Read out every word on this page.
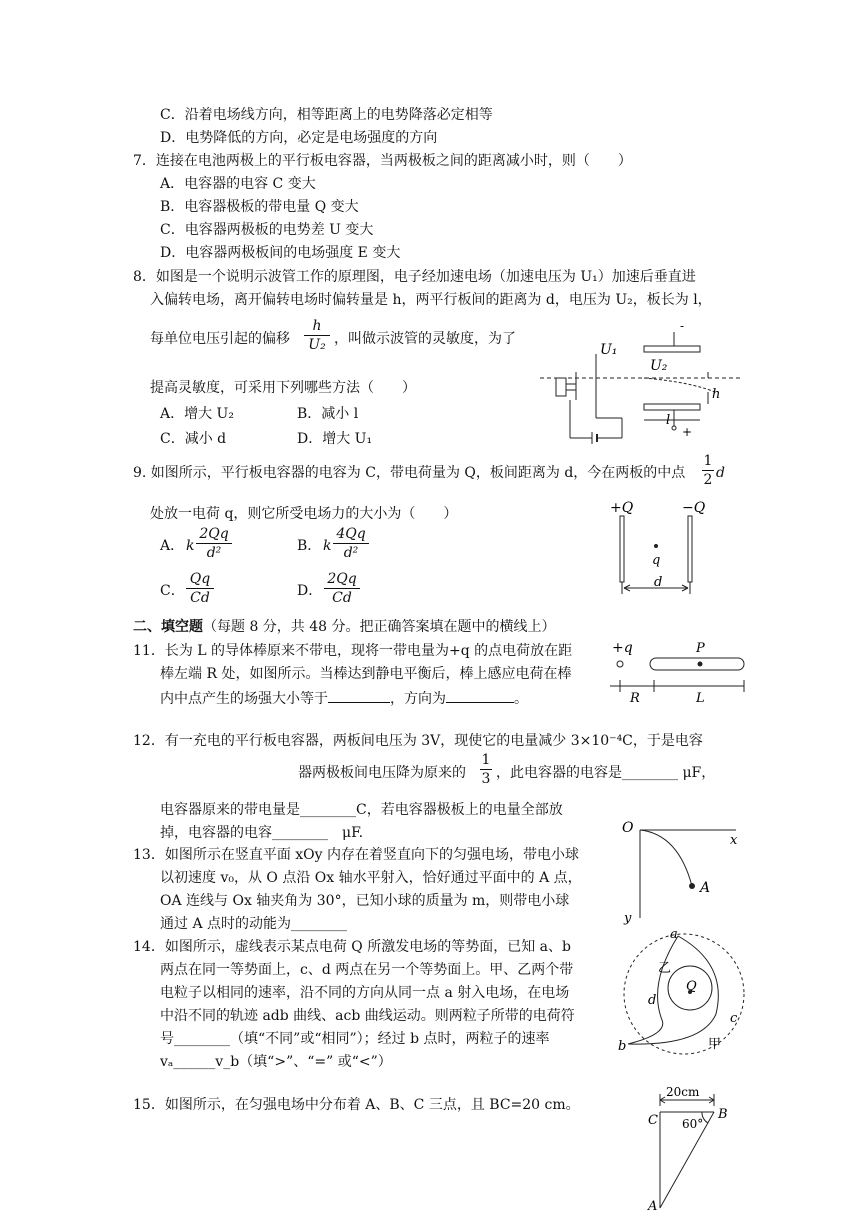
C．沿着电场线方向，相等距离上的电势降落必定相等
D．电势降低的方向，必定是电场强度的方向
7．连接在电池两极上的平行板电容器，当两极板之间的距离减小时，则（　　）
A．电容器的电容 C 变大
B．电容器极板的带电量 Q 变大
C．电容器两极板的电势差 U 变大
D．电容器两极板间的电场强度 E 变大
8．如图是一个说明示波管工作的原理图，电子经加速电场（加速电压为 U₁）加速后垂直进
入偏转电场，离开偏转电场时偏转量是 h，两平行板间的距离为 d，电压为 U₂，板长为 l，
每单位电压引起的偏移
h
U₂ ，叫做示波管的灵敏度，为了
提高灵敏度，可采用下列哪些方法（　　）
A．增大 U₂	B．减小 l
C．减小 d	D．增大 U₁
U₁
U₂
h
l
-
+
9. 如图所示，平行板电容器的电容为 C，带电荷量为 Q，板间距离为 d，今在两板的中点
1
2 d
处放一电荷 q，则它所受电场力的大小为（　　）
A． k
2Qq
d²	B． k
4Qq
d²
C．
Qq
Cd	D．
2Qq
Cd
+Q	−Q
q
d
二、填空题（每题 8 分，共 48 分。把正确答案填在题中的横线上）
11．长为 L 的导体棒原来不带电，现将一带电量为+q 的点电荷放在距
棒左端 R 处，如图所示。当棒达到静电平衡后，棒上感应电荷在棒
内中点产生的场强大小等于	，方向为	。
+q	P
R	L
12．有一充电的平行板电容器，两板间电压为 3V，现使它的电量减少 3×10⁻⁴C，于是电容
器两极板间电压降为原来的
1
3 ，此电容器的电容是________ μF，
电容器原来的带电量是________C，若电容器极板上的电量全部放
掉，电容器的电容________　μF.
13．如图所示在竖直平面 xOy 内存在着竖直向下的匀强电场，带电小球
以初速度 v₀，从 O 点沿 Ox 轴水平射入，恰好通过平面中的 A 点，
OA 连线与 Ox 轴夹角为 30°，已知小球的质量为 m，则带电小球
通过 A 点时的动能为________
O
x
y
A
14．如图所示，虚线表示某点电荷 Q 所激发电场的等势面，已知 a、b
两点在同一等势面上，c、d 两点在另一个等势面上。甲、乙两个带
电粒子以相同的速率，沿不同的方向从同一点 a 射入电场，在电场
中沿不同的轨迹 adb 曲线、acb 曲线运动。则两粒子所带的电荷符
号________（填“不同”或“相同”）；经过 b 点时，两粒子的速率
vₐ______v_b（填“>”、“=” 或“<”）
a
b
c
d
Q
乙
甲
15．如图所示，在匀强电场中分布着 A、B、C 三点，且 BC=20 cm。
20cm
C	B
A
60°
